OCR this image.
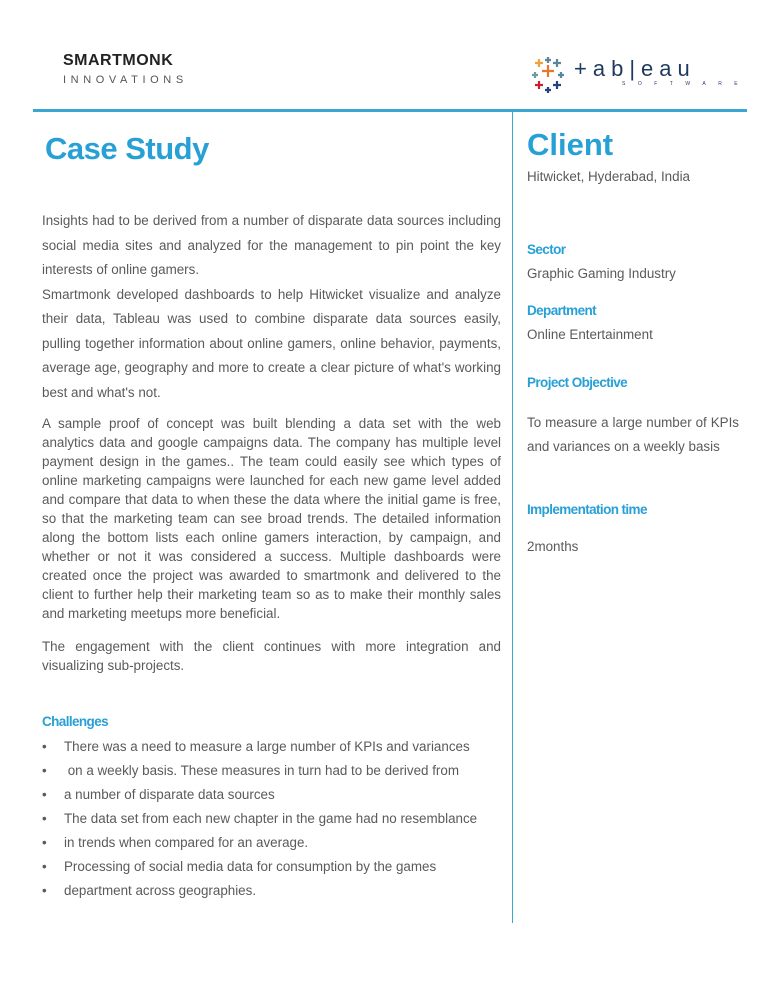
SMARTMONK
INNOVATIONS	+ab|eau
SOFTWARE
Case Study

Insights had to be derived from a number of disparate data sources including social media sites and analyzed for the management to pin point the key interests of online gamers.

Smartmonk developed dashboards to help Hitwicket visualize and analyze their data, Tableau was used to combine disparate data sources easily, pulling together information about online gamers, online behavior, payments, average age, geography and more to create a clear picture of what's working best and what's not.

A sample proof of concept was built blending a data set with the web analytics data and google campaigns data. The company has multiple level payment design in the games.. The team could easily see which types of online marketing campaigns were launched for each new game level added and compare that data to when these the data where the initial game is free, so that the marketing team can see broad trends. The detailed information along the bottom lists each online gamers interaction, by campaign, and whether or not it was considered a success. Multiple dashboards were created once the project was awarded to smartmonk and delivered to the client to further help their marketing team so as to make their monthly sales and marketing meetups more beneficial.

The engagement with the client continues with more integration and visualizing sub-projects.

Challenges
• There was a need to measure a large number of KPIs and variances
• on a weekly basis. These measures in turn had to be derived from
• a number of disparate data sources
• The data set from each new chapter in the game had no resemblance
• in trends when compared for an average.
• Processing of social media data for consumption by the games
• department across geographies.
Client
Hitwicket, Hyderabad, India
Sector
Graphic Gaming Industry
Department
Online Entertainment
Project Objective
To measure a large number of KPIs and variances on a weekly basis
Implementation time
2months
